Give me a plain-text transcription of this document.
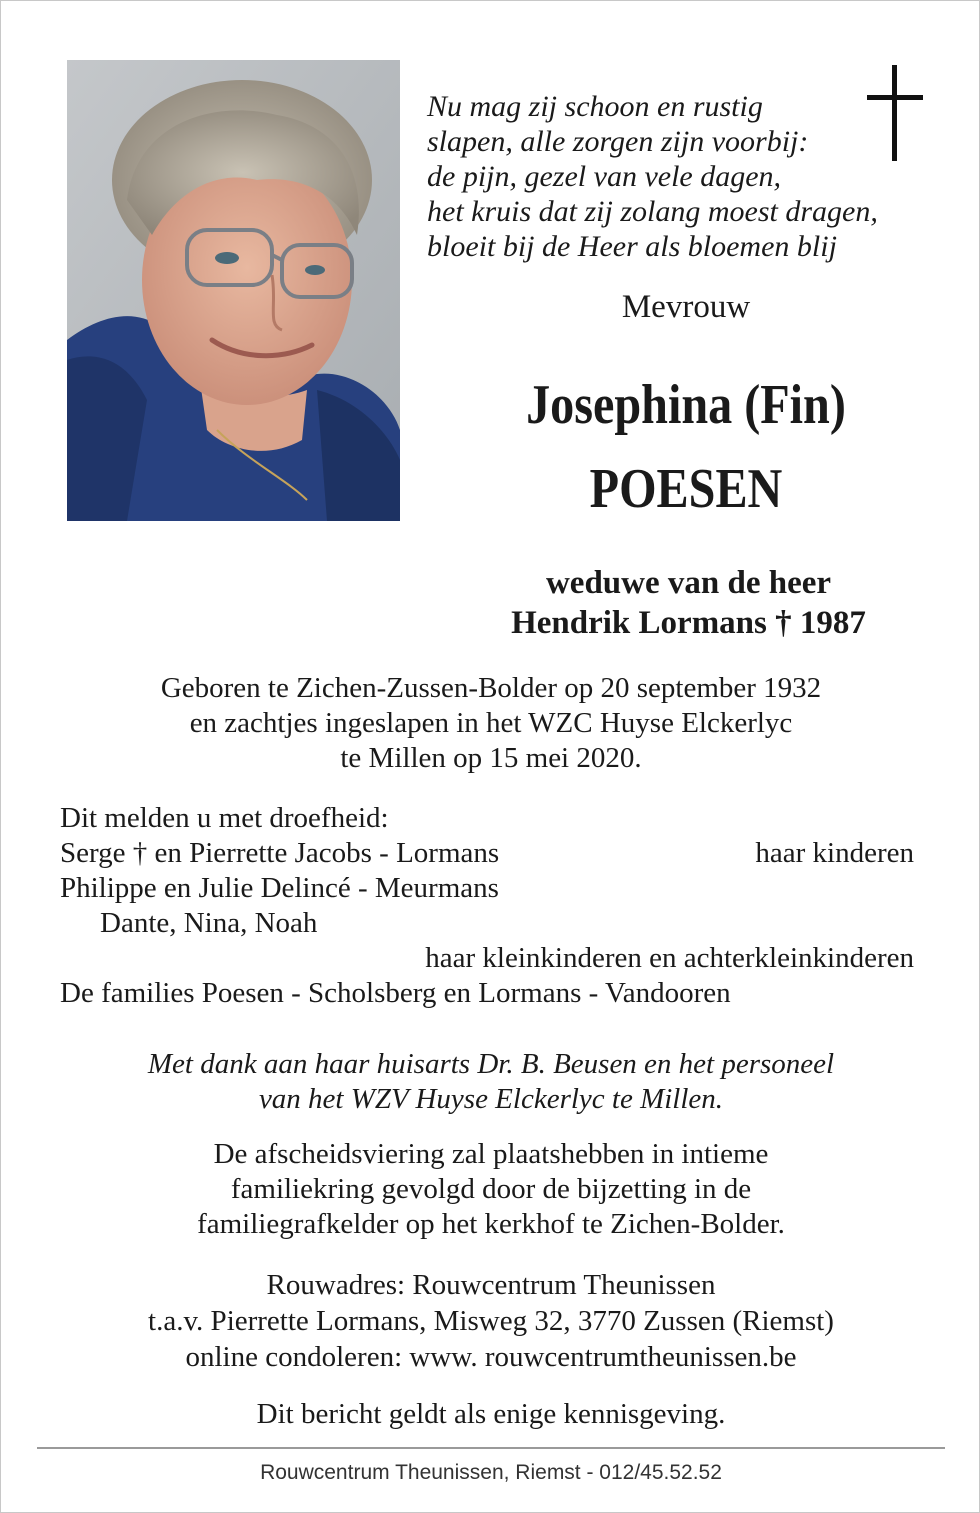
Nu mag zij schoon en rustig
slapen, alle zorgen zijn voorbij:
de pijn, gezel van vele dagen,
het kruis dat zij zolang moest dragen,
bloeit bij de Heer als bloemen blij
Mevrouw
Josephina (Fin)
POESEN
weduwe van de heer
Hendrik Lormans † 1987
Geboren te Zichen-Zussen-Bolder op 20 september 1932
en zachtjes ingeslapen in het WZC Huyse Elckerlyc
te Millen op 15 mei 2020.
Dit melden u met droefheid:
Serge † en Pierrette Jacobs - Lormans	haar kinderen
Philippe en Julie Delincé - Meurmans
Dante, Nina, Noah
haar kleinkinderen en achterkleinkinderen
De families Poesen - Scholsberg en Lormans - Vandooren
Met dank aan haar huisarts Dr. B. Beusen en het personeel
van het WZV Huyse Elckerlyc te Millen.
De afscheidsviering zal plaatshebben in intieme
familiekring gevolgd door de bijzetting in de
familiegrafkelder op het kerkhof te Zichen-Bolder.
Rouwadres: Rouwcentrum Theunissen
t.a.v. Pierrette Lormans, Misweg 32, 3770 Zussen (Riemst)
online condoleren: www. rouwcentrumtheunissen.be
Dit bericht geldt als enige kennisgeving.
Rouwcentrum Theunissen, Riemst - 012/45.52.52
